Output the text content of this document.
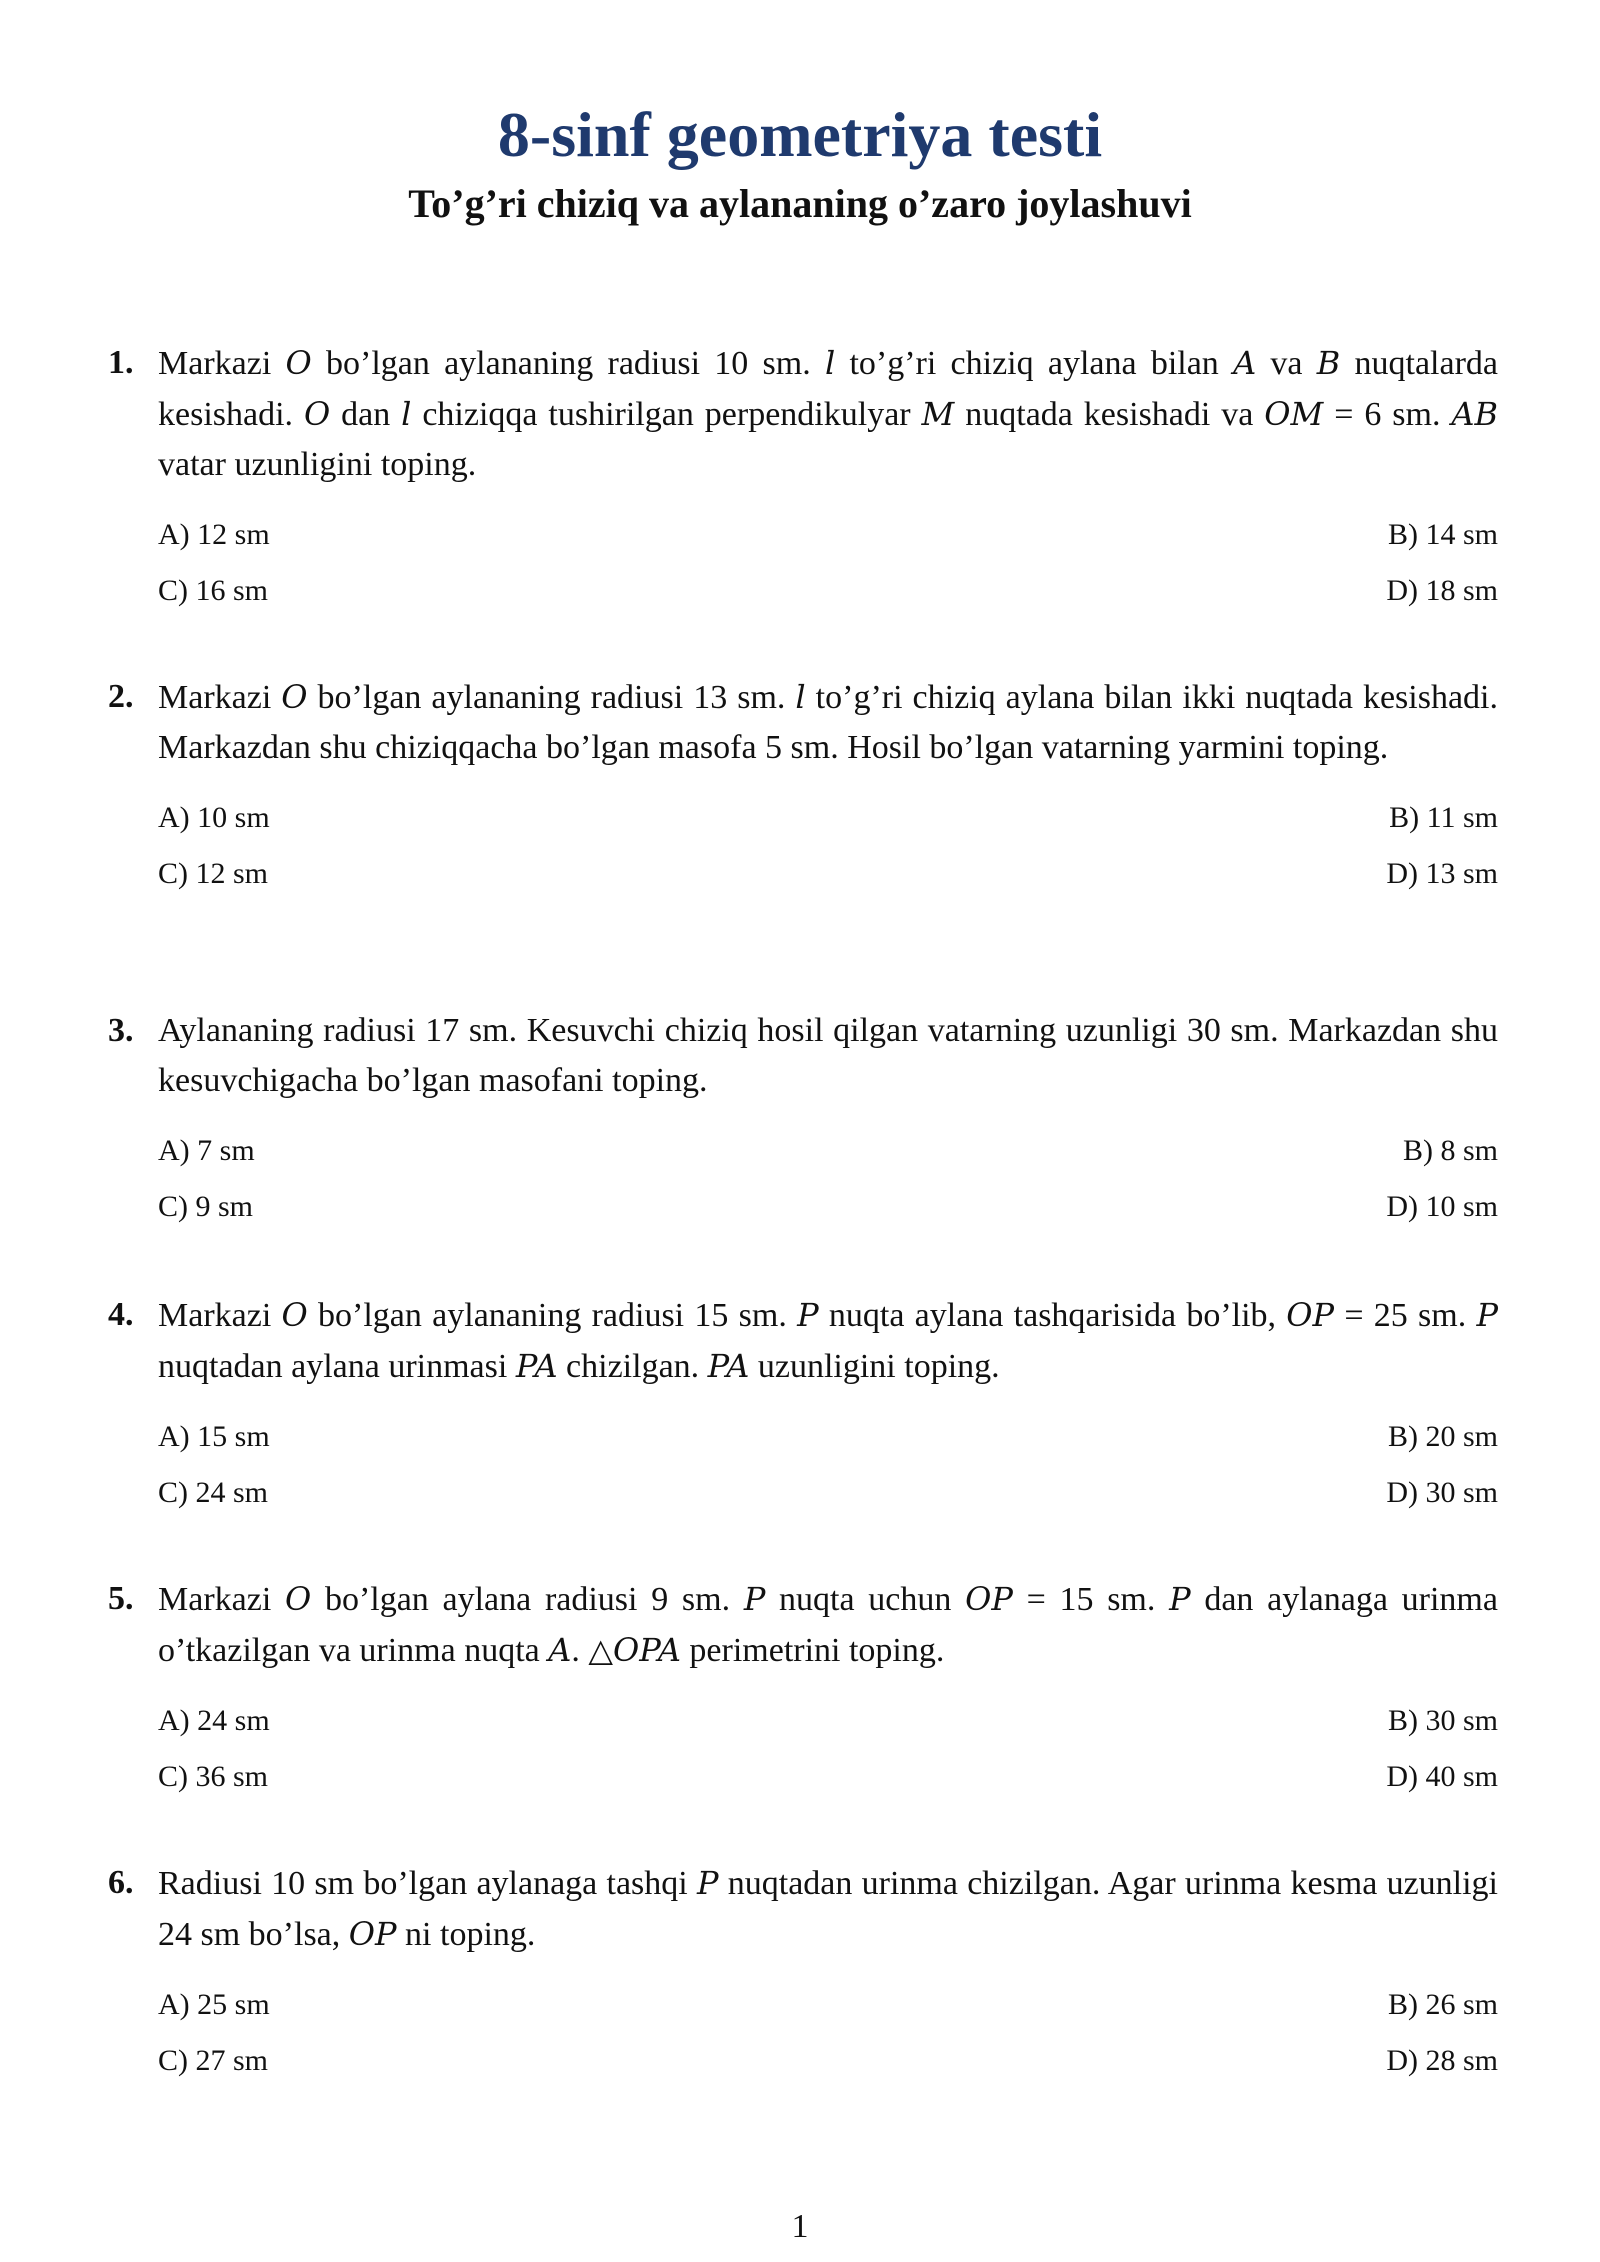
8-sinf geometriya testi
To’g’ri chiziq va aylananing o’zaro joylashuvi
1. Markazi O bo’lgan aylananing radiusi 10 sm. l to’g’ri chiziq aylana bilan A va B nuqtalarda kesishadi. O dan l chiziqqa tushirilgan perpendikulyar M nuqtada kesishadi va OM = 6 sm. AB vatar uzunligini toping.
A) 12 sm	B) 14 sm
C) 16 sm	D) 18 sm
2. Markazi O bo’lgan aylananing radiusi 13 sm. l to’g’ri chiziq aylana bilan ikki nuqtada kesishadi. Markazdan shu chiziqqacha bo’lgan masofa 5 sm. Hosil bo’lgan vatarning yarmini toping.
A) 10 sm	B) 11 sm
C) 12 sm	D) 13 sm
3. Aylananing radiusi 17 sm. Kesuvchi chiziq hosil qilgan vatarning uzunligi 30 sm. Markazdan shu kesuvchigacha bo’lgan masofani toping.
A) 7 sm	B) 8 sm
C) 9 sm	D) 10 sm
4. Markazi O bo’lgan aylananing radiusi 15 sm. P nuqta aylana tashqarisida bo’lib, OP = 25 sm. P nuqtadan aylana urinmasi PA chizilgan. PA uzunligini toping.
A) 15 sm	B) 20 sm
C) 24 sm	D) 30 sm
5. Markazi O bo’lgan aylana radiusi 9 sm. P nuqta uchun OP = 15 sm. P dan aylanaga urinma o’tkazilgan va urinma nuqta A. △OPA perimetrini toping.
A) 24 sm	B) 30 sm
C) 36 sm	D) 40 sm
6. Radiusi 10 sm bo’lgan aylanaga tashqi P nuqtadan urinma chizilgan. Agar urinma kesma uzunligi 24 sm bo’lsa, OP ni toping.
A) 25 sm	B) 26 sm
C) 27 sm	D) 28 sm
1
